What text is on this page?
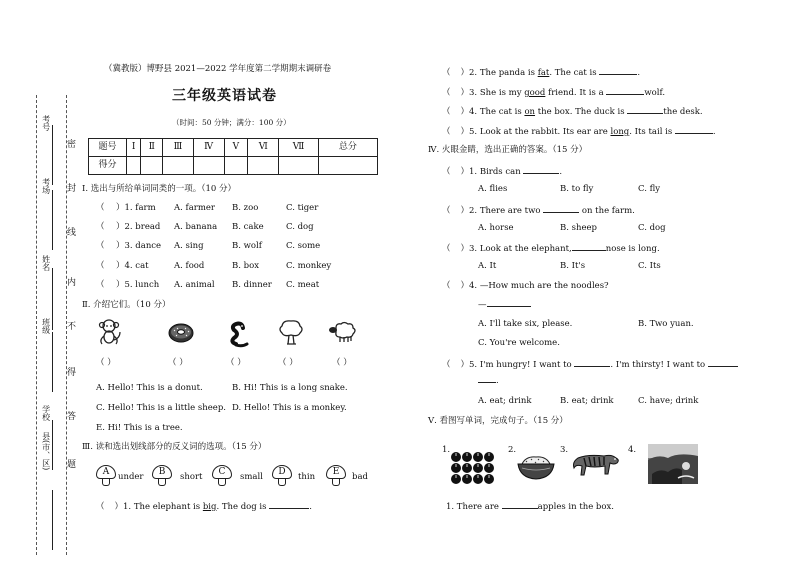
考号
考场
姓名
班级
学校
县(市、区)
密
封
线
内
不
得
答
题
（冀教版）博野县 2021—2022 学年度第二学期期末调研卷
三年级英语试卷
（时间：50 分钟；满分：100 分）
题号	I	Ⅱ	Ⅲ	Ⅳ	Ⅴ	Ⅵ	Ⅶ	总分
得分								
Ⅰ. 选出与所给单词同类的一项。（10 分）
（ ）1. farm A. farmer B. zoo	C. tiger
（ ）2. bread A. banana B. cake	C. dog
（ ）3. dance A. sing	B. wolf	C. some
（ ）4. cat	A. food	B. box	C. monkey
（ ）5. lunch A. animal B. dinner C. meat
Ⅱ. 介绍它们。（10 分）
（ ）	（ ）	（ ）	（ ）	（ ）
A. Hello! This is a donut.	B. Hi! This is a long snake.
C. Hello! This is a little sheep. D. Hello! This is a monkey.
E. Hi! This is a tree.
Ⅲ. 读和选出划线部分的反义词的选项。（15 分）
A	under	B	short	C	small	D	thin	E	bad
（ ）1. The elephant is big. The dog is	.
（ ）2. The panda is fat. The cat is	.
（ ）3. She is my good friend. It is a	wolf.
（ ）4. The cat is on the box. The duck is	the desk.
（ ）5. Look at the rabbit. Its ear are long. Its tail is	.
Ⅳ. 火眼金睛，选出正确的答案。（15 分）
（ ）1. Birds can	.
A. flies	B. to fly	C. fly
（ ）2. There are two	on the farm.
A. horse	B. sheep	C. dog
（ ）3. Look at the elephant,	nose is long.
A. It	B. It's	C. Its
（ ）4. —How much are the noodles?
—
A. I'll take six, please.	B. Two yuan.
C. You're welcome.
（ ）5. I'm hungry! I want to	. I'm thirsty! I want to
.
A. eat; drink	B. eat; drink	C. have; drink
Ⅴ. 看图写单词，完成句子。（15 分）
1.	2.	3.	4.
1. There are	apples in the box.
